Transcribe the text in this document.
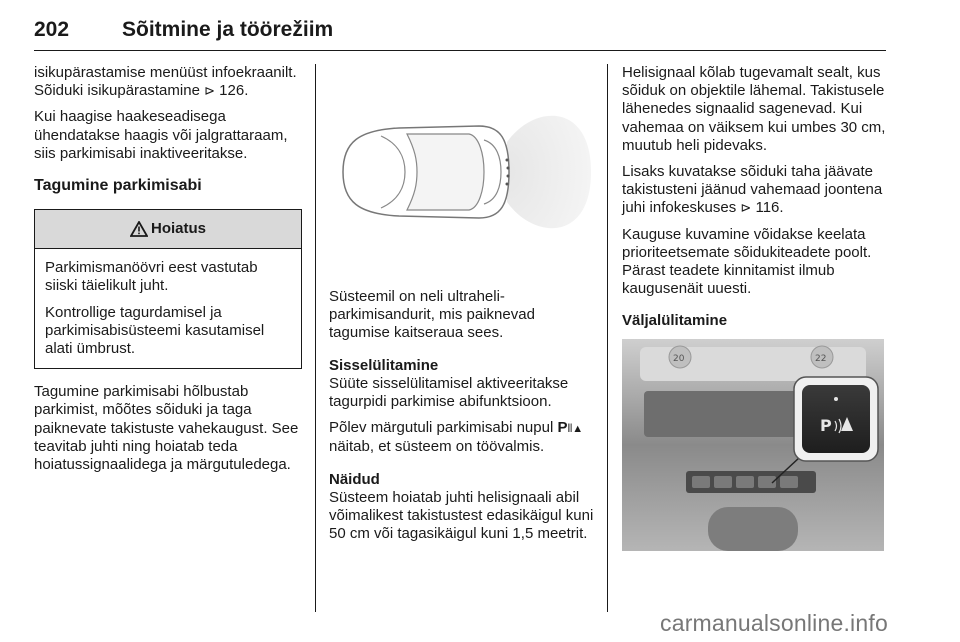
202	Sõitmine ja töörežiim

isikupärastamise menüüst infoekraanilt. Sõiduki isikupärastamine ⊳ 126.

Kui haagise haakeseadisega ühendatakse haagis või jalgrattaraam, siis parkimisabi inaktiveeritakse.

Tagumine parkimisabi
Hoiatus

Parkimismanöövri eest vastutab siiski täielikult juht.

Kontrollige tagurdamisel ja parkimisabisüsteemi kasutamisel alati ümbrust.

Tagumine parkimisabi hõlbustab parkimist, mõõtes sõiduki ja taga paiknevate takistuste vahekaugust. See teavitab juhti ning hoiatab teda hoiatussignaalidega ja märgutuledega.

Süsteemil on neli ultraheli-parkimisandurit, mis paiknevad tagumise kaitseraua sees.

Sisselülitamine

Süüte sisselülitamisel aktiveeritakse tagurpidi parkimise abifunktsioon.

Põlev märgutuli parkimisabi nupul P⦀▲ näitab, et süsteem on töövalmis.

Näidud

Süsteem hoiatab juhti helisignaali abil võimalikest takistustest edasikäigul kuni 50 cm või tagasikäigul kuni 1,5 meetrit.

Helisignaal kõlab tugevamalt sealt, kus sõiduk on objektile lähemal. Takistusele lähenedes signaalid sagenevad. Kui vahemaa on väiksem kui umbes 30 cm, muutub heli pidevaks.

Lisaks kuvatakse sõiduki taha jäävate takistusteni jäänud vahemaad joontena juhi infokeskuses ⊳ 116.

Kauguse kuvamine võidakse keelata prioriteetsemate sõidukiteadete poolt. Pärast teadete kinnitamist ilmub kaugusenäit uuesti.

Väljalülitamine
20	22
P
carmanualsonline.info
